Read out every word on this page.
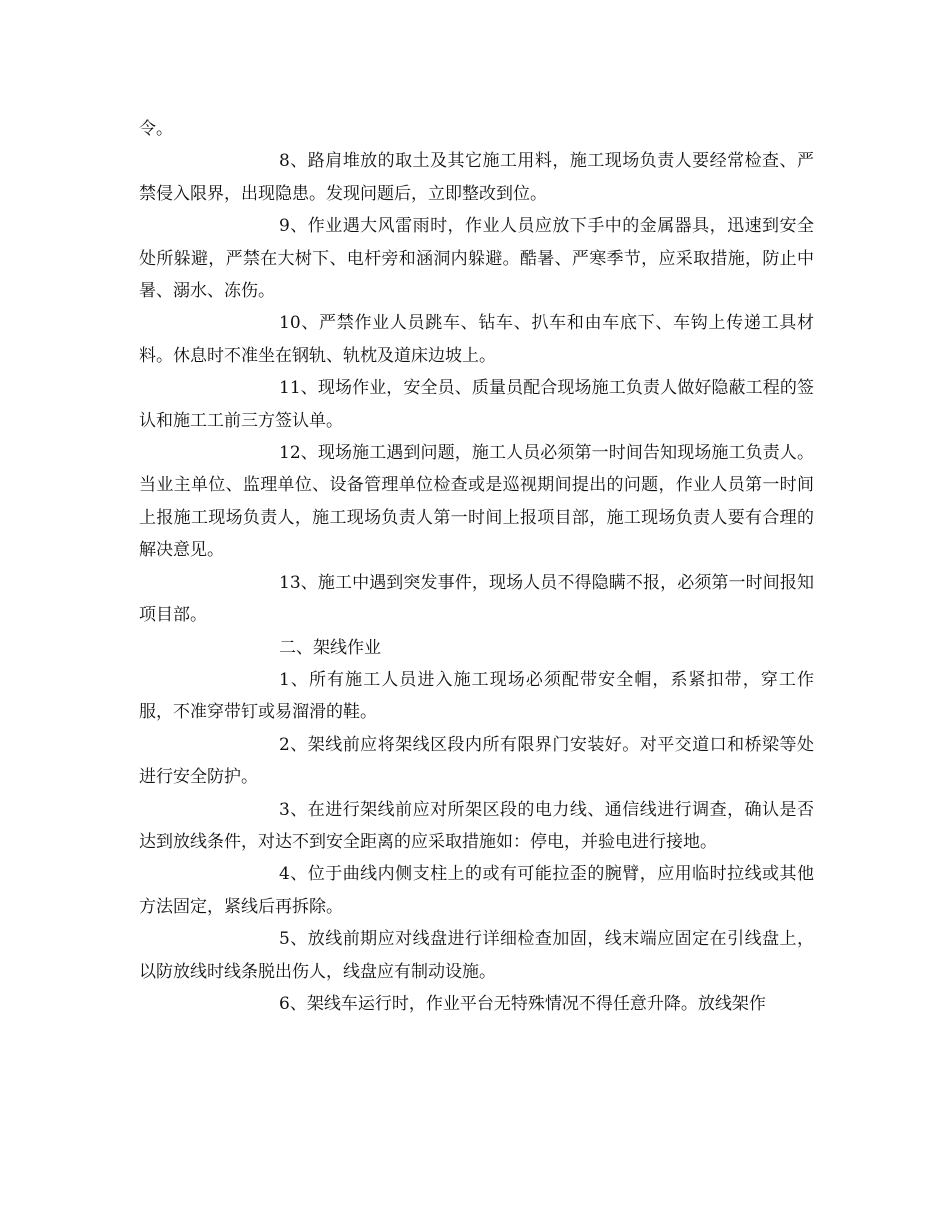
令。

8、路肩堆放的取土及其它施工用料，施工现场负责人要经常检查、严禁侵入限界，出现隐患。发现问题后，立即整改到位。

9、作业遇大风雷雨时，作业人员应放下手中的金属器具，迅速到安全处所躲避，严禁在大树下、电杆旁和涵洞内躲避。酷暑、严寒季节，应采取措施，防止中暑、溺水、冻伤。

10、严禁作业人员跳车、钻车、扒车和由车底下、车钩上传递工具材料。休息时不准坐在钢轨、轨枕及道床边坡上。

11、现场作业，安全员、质量员配合现场施工负责人做好隐蔽工程的签认和施工工前三方签认单。

12、现场施工遇到问题，施工人员必须第一时间告知现场施工负责人。当业主单位、监理单位、设备管理单位检查或是巡视期间提出的问题，作业人员第一时间上报施工现场负责人，施工现场负责人第一时间上报项目部，施工现场负责人要有合理的解决意见。

13、施工中遇到突发事件，现场人员不得隐瞒不报，必须第一时间报知项目部。

二、架线作业

1、所有施工人员进入施工现场必须配带安全帽，系紧扣带，穿工作服，不准穿带钉或易溜滑的鞋。

2、架线前应将架线区段内所有限界门安装好。对平交道口和桥梁等处进行安全防护。

3、在进行架线前应对所架区段的电力线、通信线进行调查，确认是否达到放线条件，对达不到安全距离的应采取措施如：停电，并验电进行接地。

4、位于曲线内侧支柱上的或有可能拉歪的腕臂，应用临时拉线或其他方法固定，紧线后再拆除。

5、放线前期应对线盘进行详细检查加固，线末端应固定在引线盘上，以防放线时线条脱出伤人，线盘应有制动设施。

6、架线车运行时，作业平台无特殊情况不得任意升降。放线架作
